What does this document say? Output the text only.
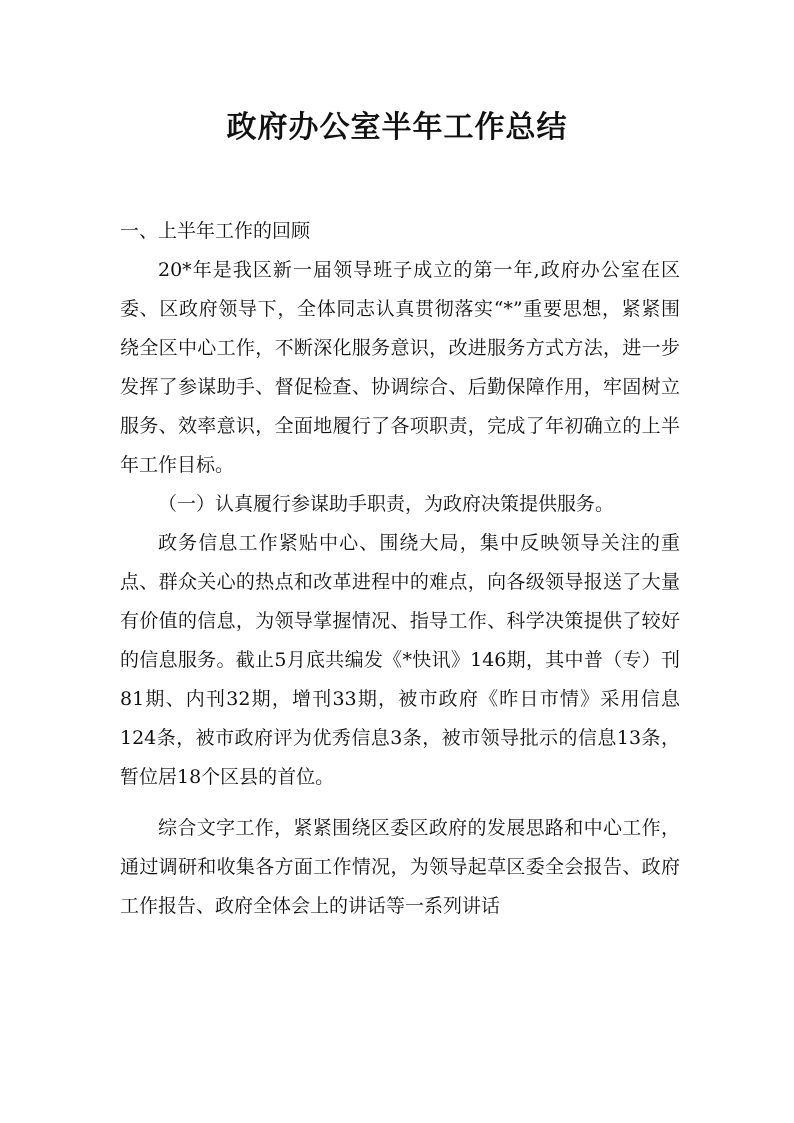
政府办公室半年工作总结

一、上半年工作的回顾

20*年是我区新一届领导班子成立的第一年,政府办公室在区委、区政府领导下，全体同志认真贯彻落实“*”重要思想，紧紧围绕全区中心工作，不断深化服务意识，改进服务方式方法，进一步发挥了参谋助手、督促检查、协调综合、后勤保障作用，牢固树立服务、效率意识，全面地履行了各项职责，完成了年初确立的上半年工作目标。

（一）认真履行参谋助手职责，为政府决策提供服务。

政务信息工作紧贴中心、围绕大局，集中反映领导关注的重点、群众关心的热点和改革进程中的难点，向各级领导报送了大量有价值的信息，为领导掌握情况、指导工作、科学决策提供了较好的信息服务。截止5月底共编发《*快讯》146期，其中普（专）刊81期、内刊32期，增刊33期，被市政府《昨日市情》采用信息124条，被市政府评为优秀信息3条，被市领导批示的信息13条，暂位居18个区县的首位。

综合文字工作，紧紧围绕区委区政府的发展思路和中心工作，通过调研和收集各方面工作情况，为领导起草区委全会报告、政府工作报告、政府全体会上的讲话等一系列讲话
